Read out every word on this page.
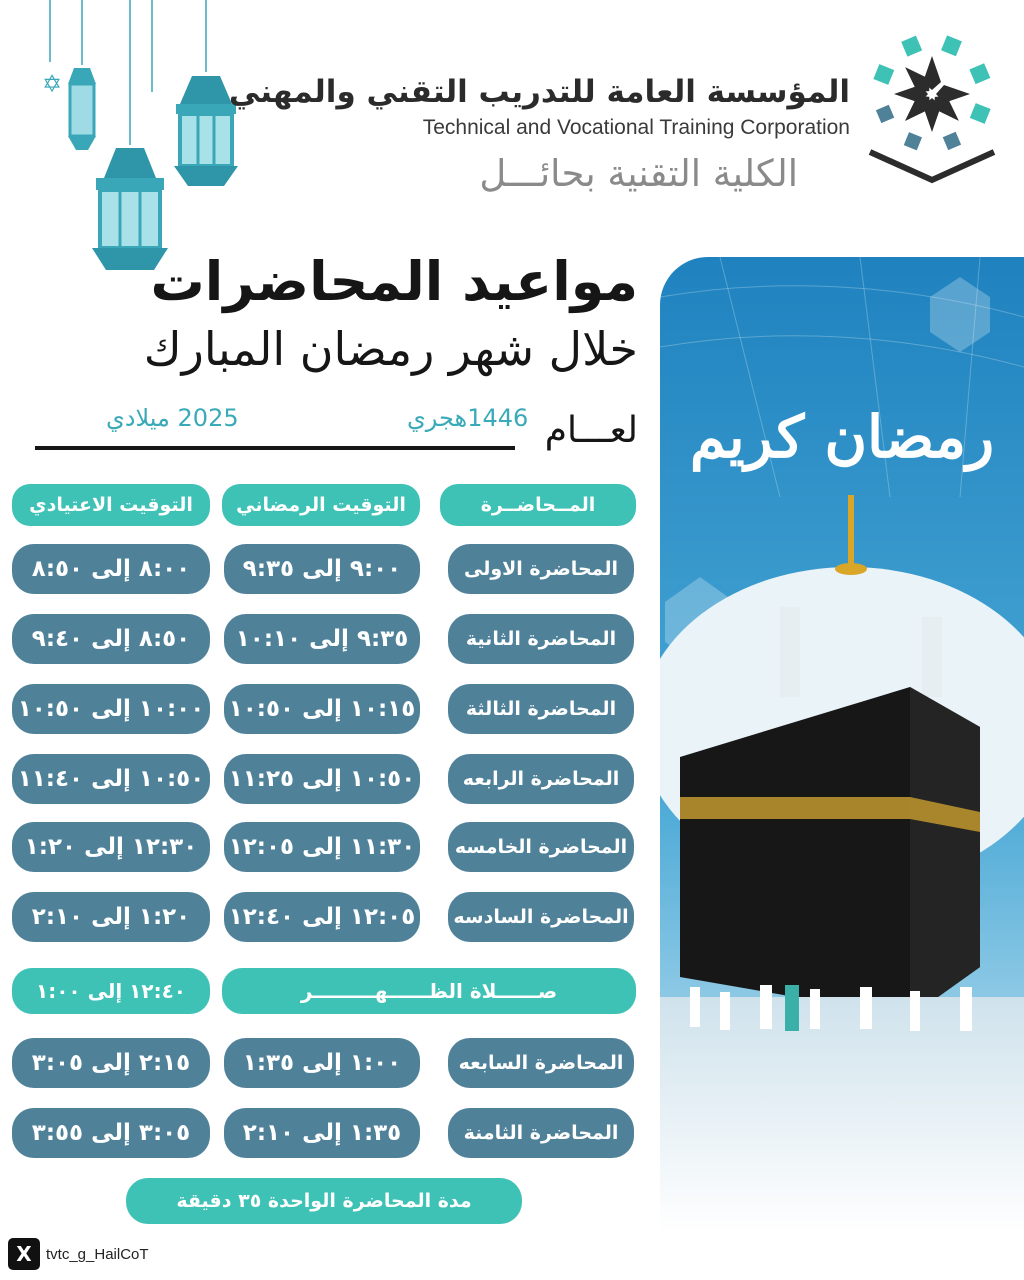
✡
✦
المؤسسة العامة للتدريب التقني والمهني
Technical and Vocational Training Corporation
الكلية التقنية بحائـــل
مواعيد المحاضرات
خلال شهر رمضان المبارك
لعـــام
1446هجري
2025 ميلادي
المــحاضــرة
التوقيت الرمضاني
التوقيت الاعتيادي
المحاضرة الاولى
٩:٠٠ إلى ٩:٣٥
٨:٠٠ إلى ٨:٥٠
المحاضرة الثانية
٩:٣٥ إلى ١٠:١٠
٨:٥٠ إلى ٩:٤٠
المحاضرة الثالثة
١٠:١٥ إلى ١٠:٥٠
١٠:٠٠ إلى ١٠:٥٠
المحاضرة الرابعه
١٠:٥٠ إلى ١١:٢٥
١٠:٥٠ إلى ١١:٤٠
المحاضرة الخامسه
١١:٣٠ إلى ١٢:٠٥
١٢:٣٠ إلى ١:٢٠
المحاضرة السادسه
١٢:٠٥ إلى ١٢:٤٠
١:٢٠ إلى ٢:١٠
صــــــلاة الظــــــهـــــــــر
١٢:٤٠ إلى ١:٠٠
المحاضرة السابعه
١:٠٠ إلى ١:٣٥
٢:١٥ إلى ٣:٠٥
المحاضرة الثامنة
١:٣٥ إلى ٢:١٠
٣:٠٥ إلى ٣:٥٥
مدة المحاضرة الواحدة ٣٥ دقيقة
رمضان كريم
X tvtc_g_HailCoT
